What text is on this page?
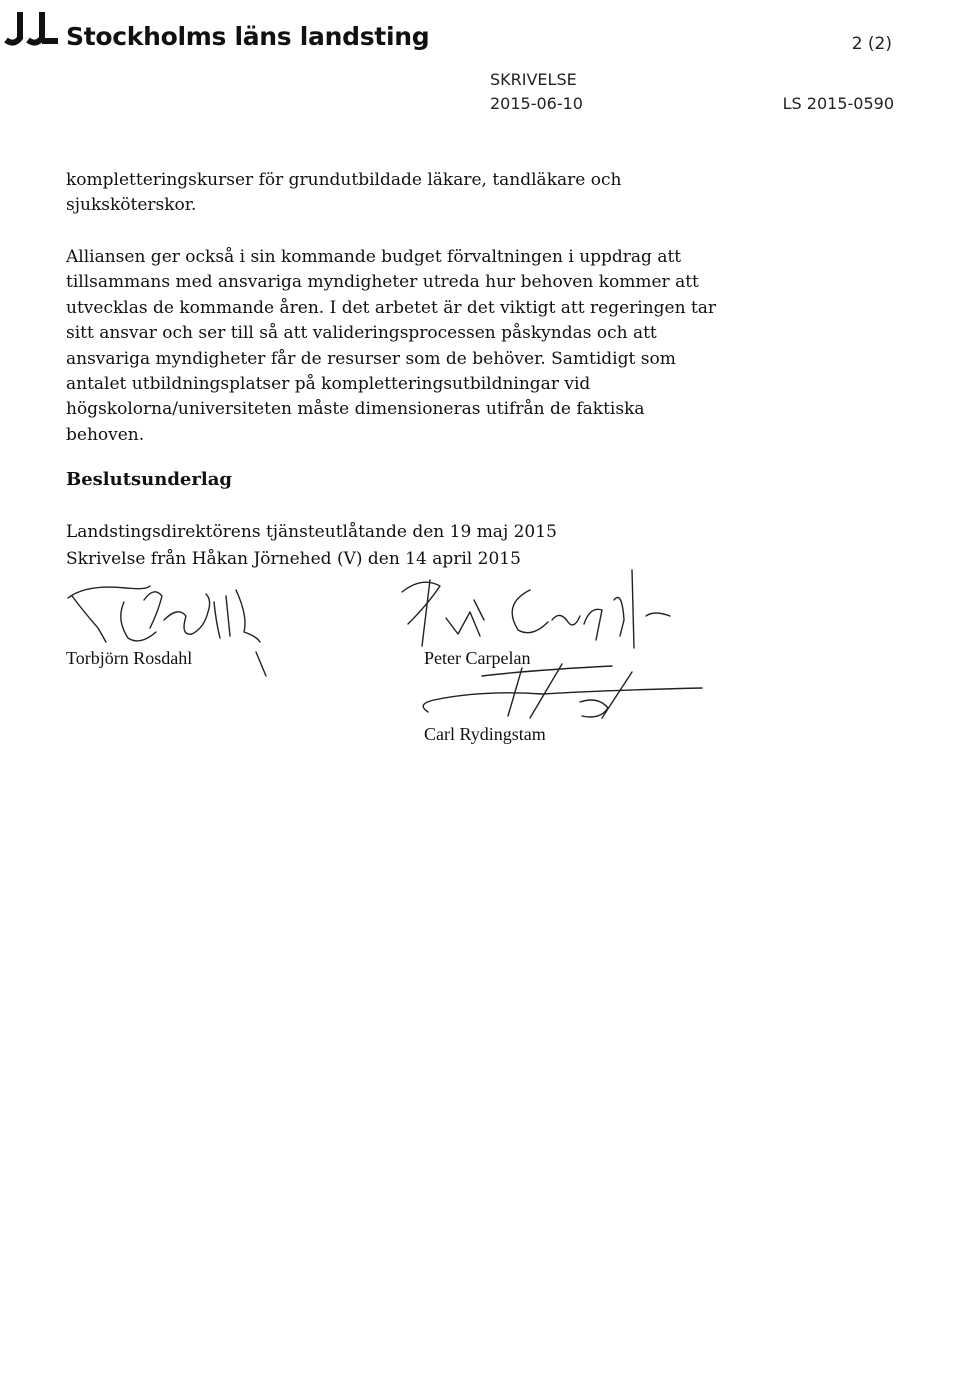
Stockholms läns landsting	2 (2)
SKRIVELSE
2015-06-10	LS 2015-0590

kompletteringskurser för grundutbildade läkare, tandläkare och sjuksköterskor.

Alliansen ger också i sin kommande budget förvaltningen i uppdrag att tillsammans med ansvariga myndigheter utreda hur behoven kommer att utvecklas de kommande åren. I det arbetet är det viktigt att regeringen tar sitt ansvar och ser till så att valideringsprocessen påskyndas och att ansvariga myndigheter får de resurser som de behöver. Samtidigt som antalet utbildningsplatser på kompletteringsutbildningar vid högskolorna/universiteten måste dimensioneras utifrån de faktiska behoven.

Beslutsunderlag
Landstingsdirektörens tjänsteutlåtande den 19 maj 2015
Skrivelse från Håkan Jörnehed (V) den 14 april 2015
Torbjörn Rosdahl	Peter Carpelan
Carl Rydingstam
